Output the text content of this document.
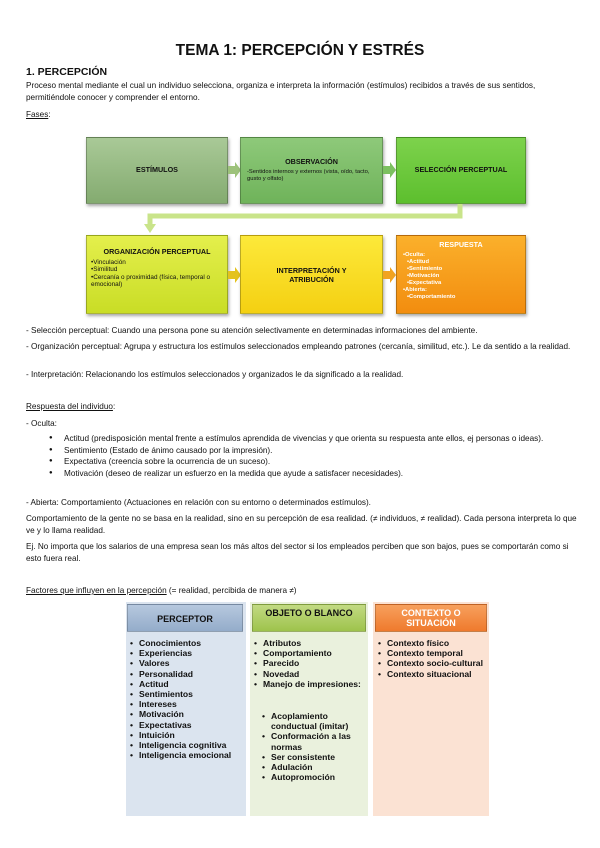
TEMA 1: PERCEPCIÓN Y ESTRÉS
1. PERCEPCIÓN
Proceso mental mediante el cual un individuo selecciona, organiza e interpreta la información (estímulos) recibidos a través de sus sentidos, permitiéndole conocer y comprender el entorno.
Fases:
ESTÍMULOS
OBSERVACIÓN
-Sentidos internos y externos (vista, oído, tacto, gusto y olfato)
SELECCIÓN PERCEPTUAL
ORGANIZACIÓN PERCEPTUAL
•Vinculación
•Similitud
•Cercanía o proximidad (física, temporal o emocional)
INTERPRETACIÓN Y ATRIBUCIÓN
RESPUESTA
•Oculta:
•Actitud
•Sentimiento
•Motivación
•Expectativa
•Abierta:
•Comportamiento
- Selección perceptual: Cuando una persona pone su atención selectivamente en determinadas informaciones del ambiente.
- Organización perceptual: Agrupa y estructura los estímulos seleccionados empleando patrones (cercanía, similitud, etc.). Le da sentido a la realidad.
- Interpretación: Relacionando los estímulos seleccionados y organizados le da significado a la realidad.
Respuesta del individuo:
- Oculta:
● Actitud (predisposición mental frente a estímulos aprendida de vivencias y que orienta su respuesta ante ellos, ej personas o ideas).
● Sentimiento (Estado de ánimo causado por la impresión).
● Expectativa (creencia sobre la ocurrencia de un suceso).
● Motivación (deseo de realizar un esfuerzo en la medida que ayude a satisfacer necesidades).
- Abierta: Comportamiento (Actuaciones en relación con su entorno o determinados estímulos).
Comportamiento de la gente no se basa en la realidad, sino en su percepción de esa realidad. (≠ individuos, ≠ realidad). Cada persona interpreta lo que ve y lo llama realidad.
Ej. No importa que los salarios de una empresa sean los más altos del sector si los empleados perciben que son bajos, pues se comportarán como si esto fuera real.
Factores que influyen en la percepción (= realidad, percibida de manera ≠)
PERCEPTOR
• Conocimientos
• Experiencias
• Valores
• Personalidad
• Actitud
• Sentimientos
• Intereses
• Motivación
• Expectativas
• Intuición
• Inteligencia cognitiva
• Inteligencia emocional
OBJETO O BLANCO
• Atributos
• Comportamiento
• Parecido
• Novedad
• Manejo de impresiones:
• Acoplamiento conductual (imitar)
• Conformación a las normas
• Ser consistente
• Adulación
• Autopromoción
CONTEXTO O SITUACIÓN
• Contexto físico
• Contexto temporal
• Contexto socio-cultural
• Contexto situacional
